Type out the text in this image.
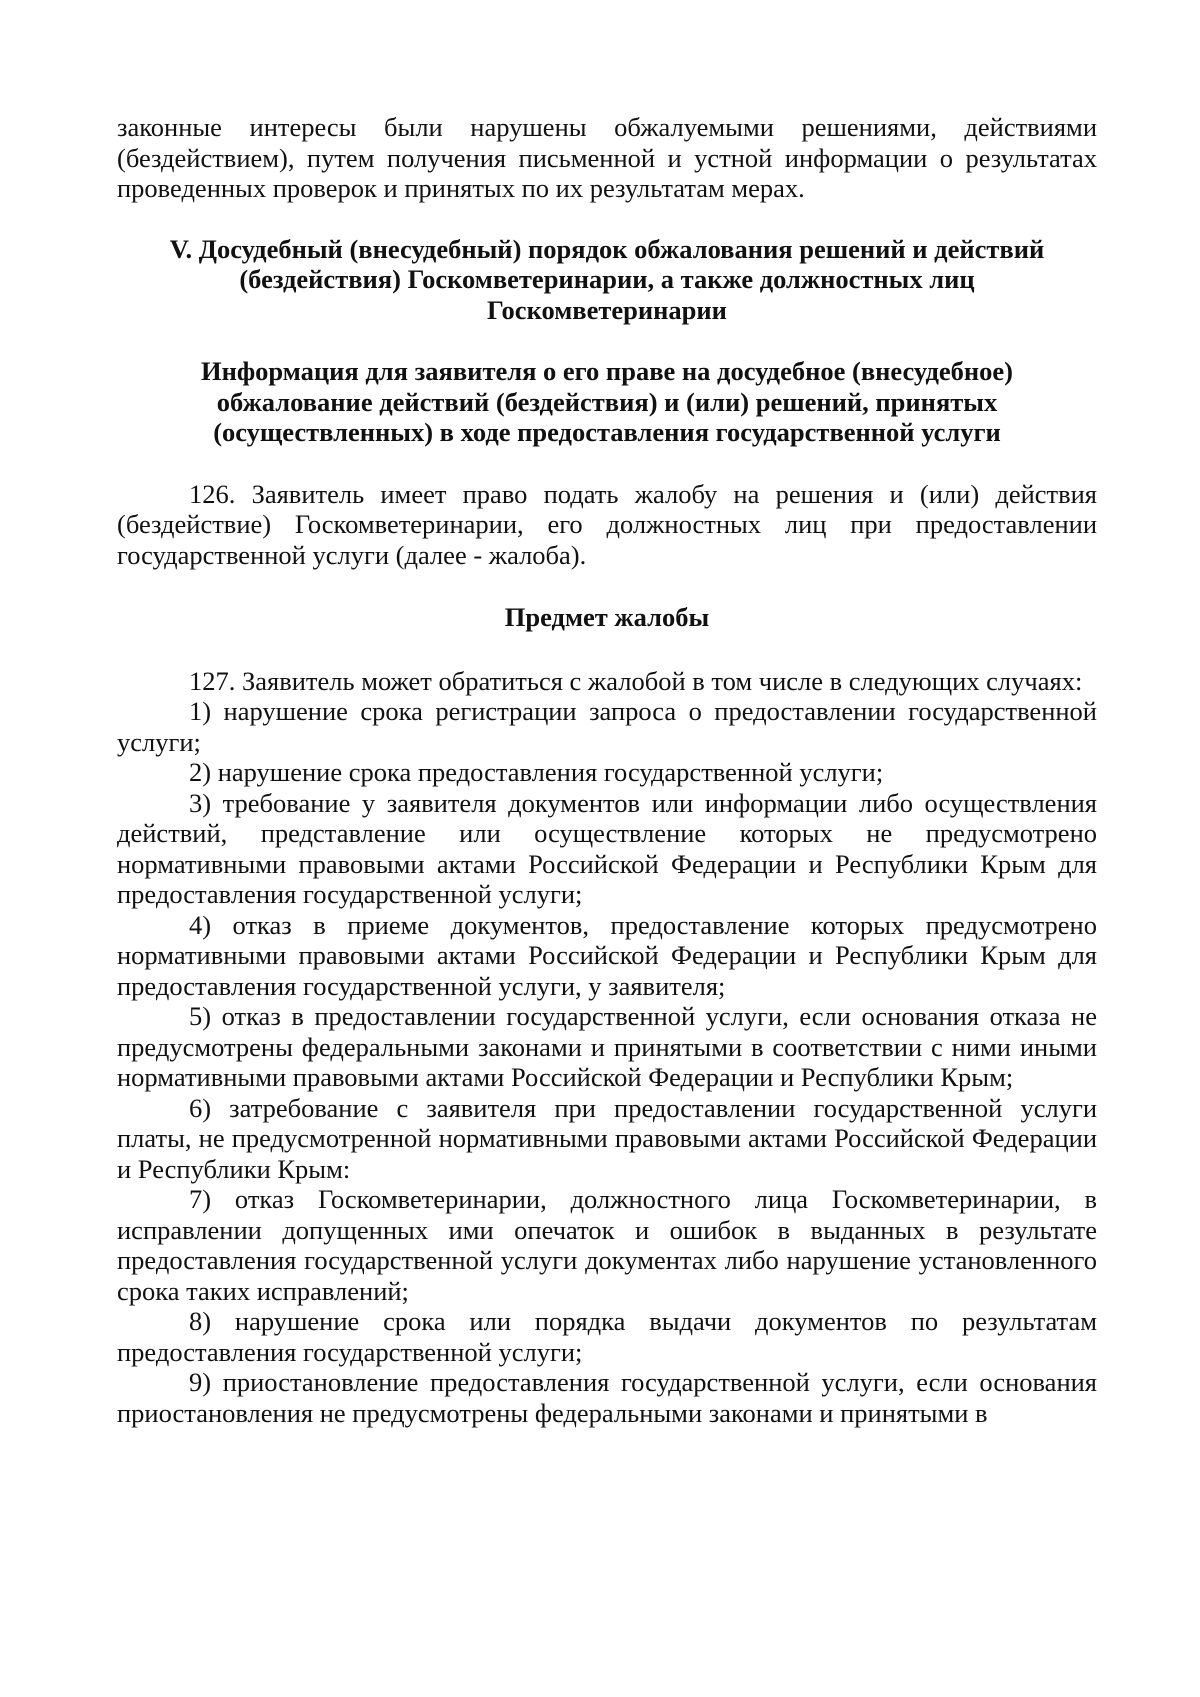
законные интересы были нарушены обжалуемыми решениями, действиями (бездействием), путем получения письменной и устной информации о результатах проведенных проверок и принятых по их результатам мерах.

V. Досудебный (внесудебный) порядок обжалования решений и действий
(бездействия) Госкомветеринарии, а также должностных лиц
Госкомветеринарии
Информация для заявителя о его праве на досудебное (внесудебное)
обжалование действий (бездействия) и (или) решений, принятых
(осуществленных) в ходе предоставления государственной услуги

126. Заявитель имеет право подать жалобу на решения и (или) действия (бездействие) Госкомветеринарии, его должностных лиц при предоставлении государственной услуги (далее - жалоба).

Предмет жалобы

127. Заявитель может обратиться с жалобой в том числе в следующих случаях:

1) нарушение срока регистрации запроса о предоставлении государственной услуги;

2) нарушение срока предоставления государственной услуги;

3) требование у заявителя документов или информации либо осуществления действий, представление или осуществление которых не предусмотрено нормативными правовыми актами Российской Федерации и Республики Крым для предоставления государственной услуги;

4) отказ в приеме документов, предоставление которых предусмотрено нормативными правовыми актами Российской Федерации и Республики Крым для предоставления государственной услуги, у заявителя;

5) отказ в предоставлении государственной услуги, если основания отказа не предусмотрены федеральными законами и принятыми в соответствии с ними иными нормативными правовыми актами Российской Федерации и Республики Крым;

6) затребование с заявителя при предоставлении государственной услуги платы, не предусмотренной нормативными правовыми актами Российской Федерации и Республики Крым:

7) отказ Госкомветеринарии, должностного лица Госкомветеринарии, в исправлении допущенных ими опечаток и ошибок в выданных в результате предоставления государственной услуги документах либо нарушение установленного срока таких исправлений;

8) нарушение срока или порядка выдачи документов по результатам предоставления государственной услуги;

9) приостановление предоставления государственной услуги, если основания приостановления не предусмотрены федеральными законами и принятыми в
